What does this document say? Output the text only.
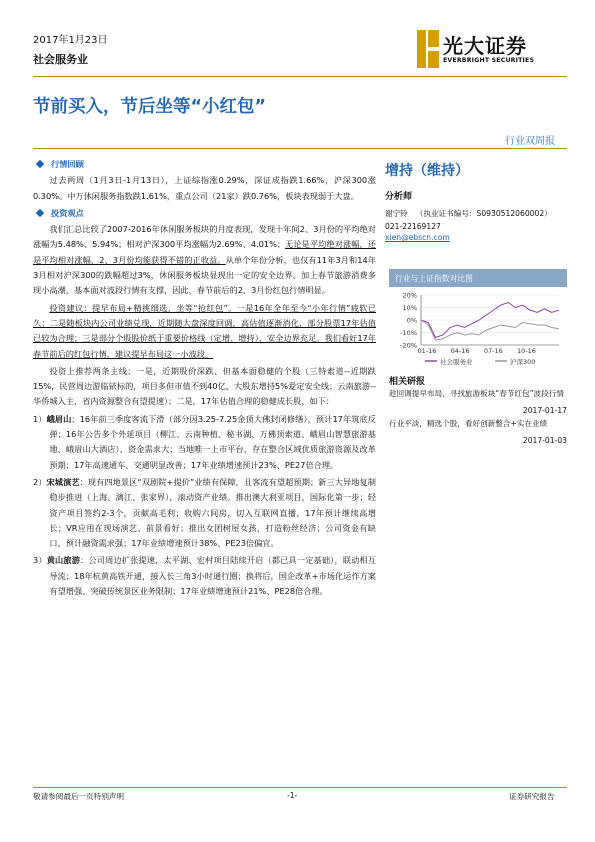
2017年1月23日
社会服务业
光大证券
EVERBRIGHT SECURITIES
节前买入，节后坐等“小红包”
行业双周报
行情回顾
过去两周（1月3日-1月13日），上证综指涨0.29%，深证成指跌1.66%，沪深300涨0.30%。中万休闲服务指数跌1.61%，重点公司（21家）跌0.76%，板块表现弱于大盘。
投资观点
我们汇总比较了2007-2016年休闲服务板块的月度表现，发现十年间2、3月份的平均绝对涨幅为5.48%、5.94%；相对沪深300平均涨幅为2.69%、4.01%；无论是平均绝对涨幅，还是平均相对涨幅，2、3月份均能获得不错的正收益。从单个年份分析，也仅有11年3月和14年3月相对沪深300的跌幅超过3%，休闲服务板块显现出一定的安全边界。加上春节旅游消费多现小高潮，基本面对波段行情有支撑，因此，春节前后的2、3月份红包行情明显。
投资建议：提早布局+精挑细选，坐等“抢红包”。一是16年全年至今“小年行情”疲软已久；二是随板块内公司业绩兑现，近期随大盘深度回调，高估值逐渐消化，部分股票17年估值已较为合理；三是部分个股股价纸于重要价格线（定增、增持），安全边界充足。我们看好17年春节前后的红包行情，建议提早布局这一小波段。
投资上推荐两条主线：一是，近期股价深跌、但基本面稳健的个股（三特索道--近期跌15%，民营周边游临铱标的，项目多但市值不到40亿，大股东增持5%爱定安全线；云南旅游--华侨城入主，省内资源整合有望提速）；二是，17年估值合理的稳健成长股，如下：
1）峨眉山：16年前三季度客流下滑（部分因3.25-7.25金顶大佛封闭修缮），预计17年筑底反弹；16年公告多个外延项目（柳江、云南种植、秘书湖、万佛顶索道、峨眉山智慧旅游基地、峨眉山大酒店），资金需求大；当地唯一上市平台，存在整合区域优质旅游资源及改革预期；17年高速通车、交通明显改善；17年业绩增速预计23%、PE27倍合理。
2）宋城演艺：现有四地景区“双剧院+提价”业绩有保障，且客流有望超预期；新三大异地复制稳步推进（上海、漓江、张家界），滚动资产业绩。推出澳大利亚项目，国际化第一步；轻资产项目签约2-3个，贡献高毛利；收购六间房，切入互联网直播，17年预计继续高增长；VR应用在现场演艺、前景看好；推出女团树屋女孩，打造粉丝经济；公司资金有缺口，预计融资需求强；17年业绩增速预计38%、PE23倍偏宜。
3）黄山旅游：公司周边扩张提速，太平湖、宏村项目陆续开启（都已具一定基础），联动相互导流；18年杭黄高铁开通，接入长三角3小时通行圈；换将后，国企改革+市场化运作方案有望增强、突破传统景区业务限制；17年业绩增速预计21%、PE28倍合理。
增持（维持）
分析师
谢宁铃 （执业证书编号：S0930512060002）
021-22169127
xien@ebscn.com
行业与上证指数对比图
20%
10%
0%
-10%
-20%
01-16 04-16 07-16 10-16
社会服务业	沪深300
相关研报
趁回调提早布局，寻找旅游板块“春节红包”波段行情
2017-01-17
行业平淡，精选个股，看好创新整合+实在业绩
2017-01-03
敬请参阅最后一页特别声明	-1-	证券研究报告
